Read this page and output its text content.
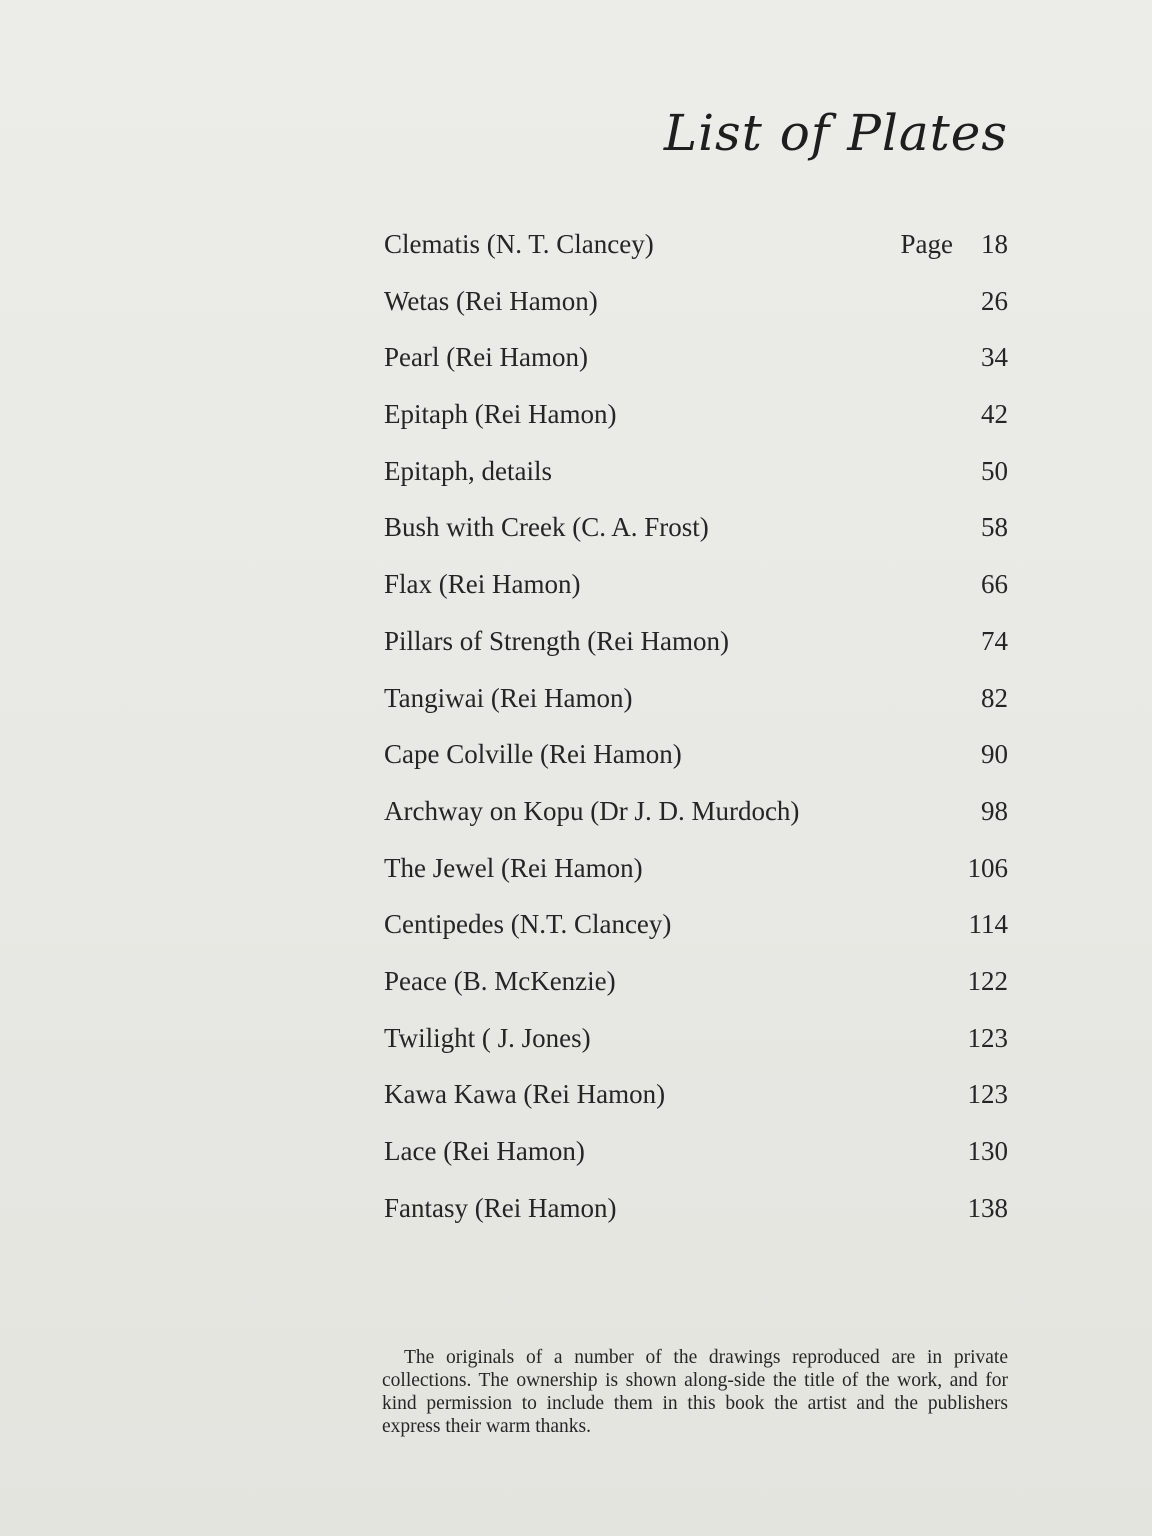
List of Plates
Clematis (N. T. Clancey)	Page 18
Wetas (Rei Hamon)	26
Pearl (Rei Hamon)	34
Epitaph (Rei Hamon)	42
Epitaph, details	50
Bush with Creek (C. A. Frost)	58
Flax (Rei Hamon)	66
Pillars of Strength (Rei Hamon)	74
Tangiwai (Rei Hamon)	82
Cape Colville (Rei Hamon)	90
Archway on Kopu (Dr J. D. Murdoch)	98
The Jewel (Rei Hamon)	106
Centipedes (N.T. Clancey)	114
Peace (B. McKenzie)	122
Twilight ( J. Jones)	123
Kawa Kawa (Rei Hamon)	123
Lace (Rei Hamon)	130
Fantasy (Rei Hamon)	138

The originals of a number of the drawings reproduced are in private collections. The ownership is shown along-side the title of the work, and for kind permission to include them in this book the artist and the publishers express their warm thanks.
